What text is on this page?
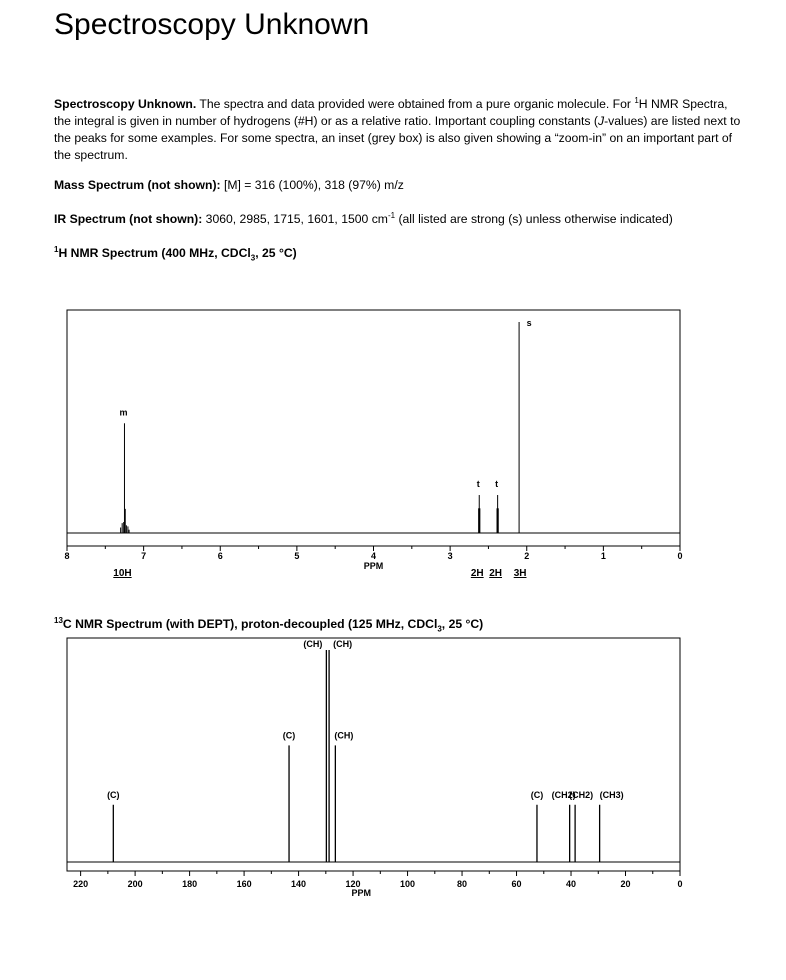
Spectroscopy Unknown
Spectroscopy Unknown. The spectra and data provided were obtained from a pure organic molecule. For $^1$H NMR Spectra, the integral is given in number of hydrogens (#H) or as a relative ratio. Important coupling constants (J-values) are listed next to the peaks for some examples. For some spectra, an inset (grey box) is also given showing a “zoom-in” on an important part of the spectrum.
Mass Spectrum (not shown): [M] = 316 (100%), 318 (97%) m/z
IR Spectrum (not shown): 3060, 2985, 1715, 1601, 1500 $cm^{-1}$ (all listed are strong (s) unless otherwise indicated)
$^1$H NMR Spectrum (400 MHz, CDCl$_3$, 25 °C)
$^{13}$C NMR Spectrum (with DEPT), proton-decoupled (125 MHz, CDCl$_3$, 25 °C)
8	7	6	5	4	3	2	1	0
PPM
m
10H
t
2H
t
2H
s
3H
220	200	180	160	140	120	100	80	60	40	20	0
PPM
(C)
(C)
(CH) (CH)
(CH)
(C) (CH2)
(CH2) (CH3)
